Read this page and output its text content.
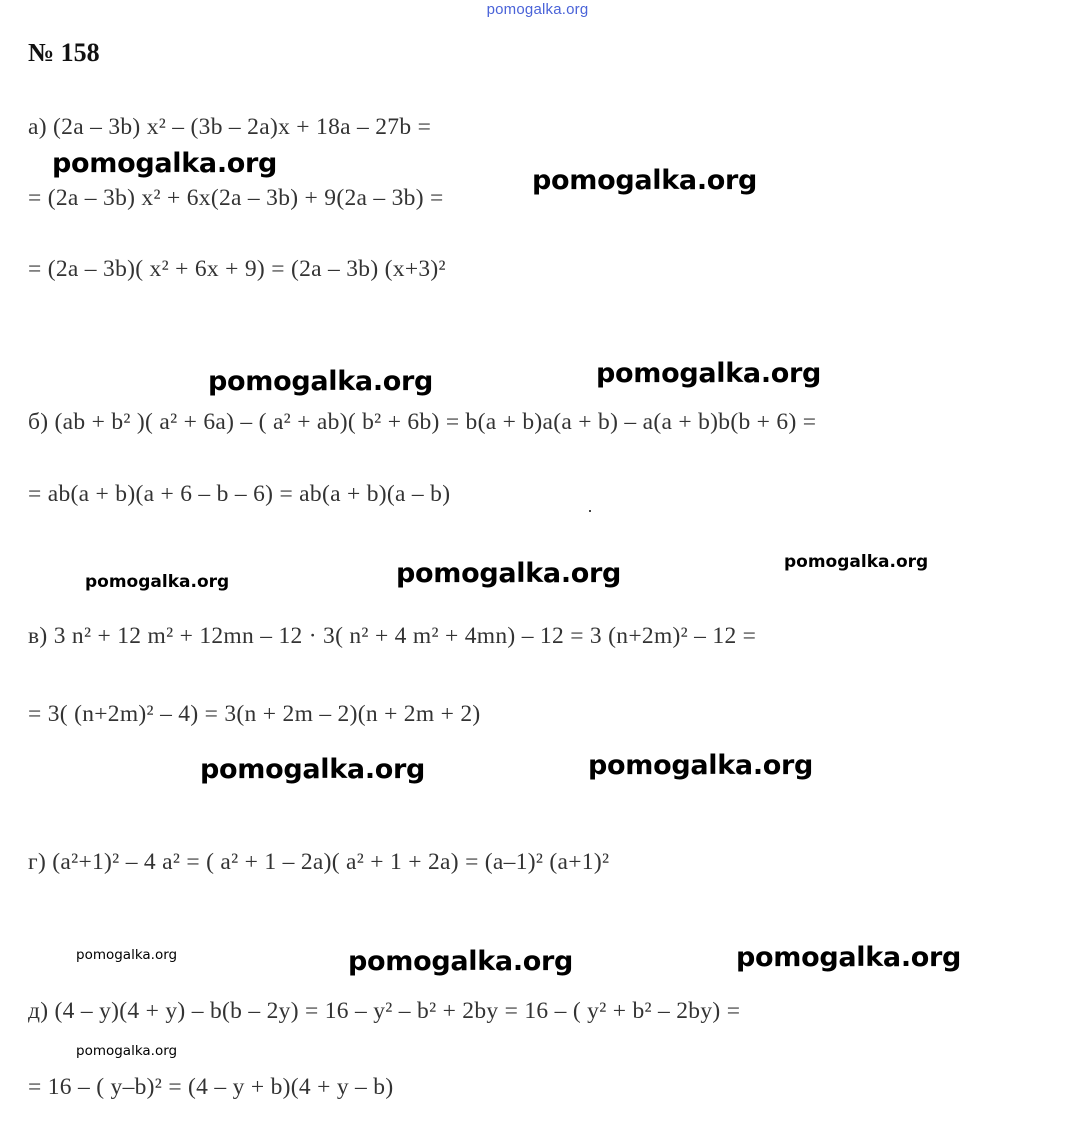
pomogalka.org
№ 158
а) (2a – 3b) x² – (3b – 2a)x + 18a – 27b =
= (2a – 3b) x² + 6x(2a – 3b) + 9(2a – 3b) =
= (2a – 3b)( x² + 6x + 9) = (2a – 3b) (x+3)²
б) (ab + b² )( a² + 6a) – ( a² + ab)( b² + 6b) = b(a + b)a(a + b) – a(a + b)b(b + 6) =
= ab(a + b)(a + 6 – b – 6) = ab(a + b)(a – b)
в) 3 n² + 12 m² + 12mn – 12 · 3( n² + 4 m² + 4mn) – 12 = 3 (n+2m)² – 12 =
= 3( (n+2m)² – 4) = 3(n + 2m – 2)(n + 2m + 2)
г) (a²+1)² – 4 a² = ( a² + 1 – 2a)( a² + 1 + 2a) = (a–1)² (a+1)²
д) (4 – y)(4 + y) – b(b – 2y) = 16 – y² – b² + 2by = 16 – ( y² + b² – 2by) =
= 16 – ( y–b)² = (4 – y + b)(4 + y – b)
pomogalka.org
pomogalka.org
pomogalka.org	pomogalka.org
pomogalka.org	pomogalka.org	pomogalka.org
pomogalka.org	pomogalka.org
pomogalka.org	pomogalka.org	pomogalka.org
pomogalka.org
